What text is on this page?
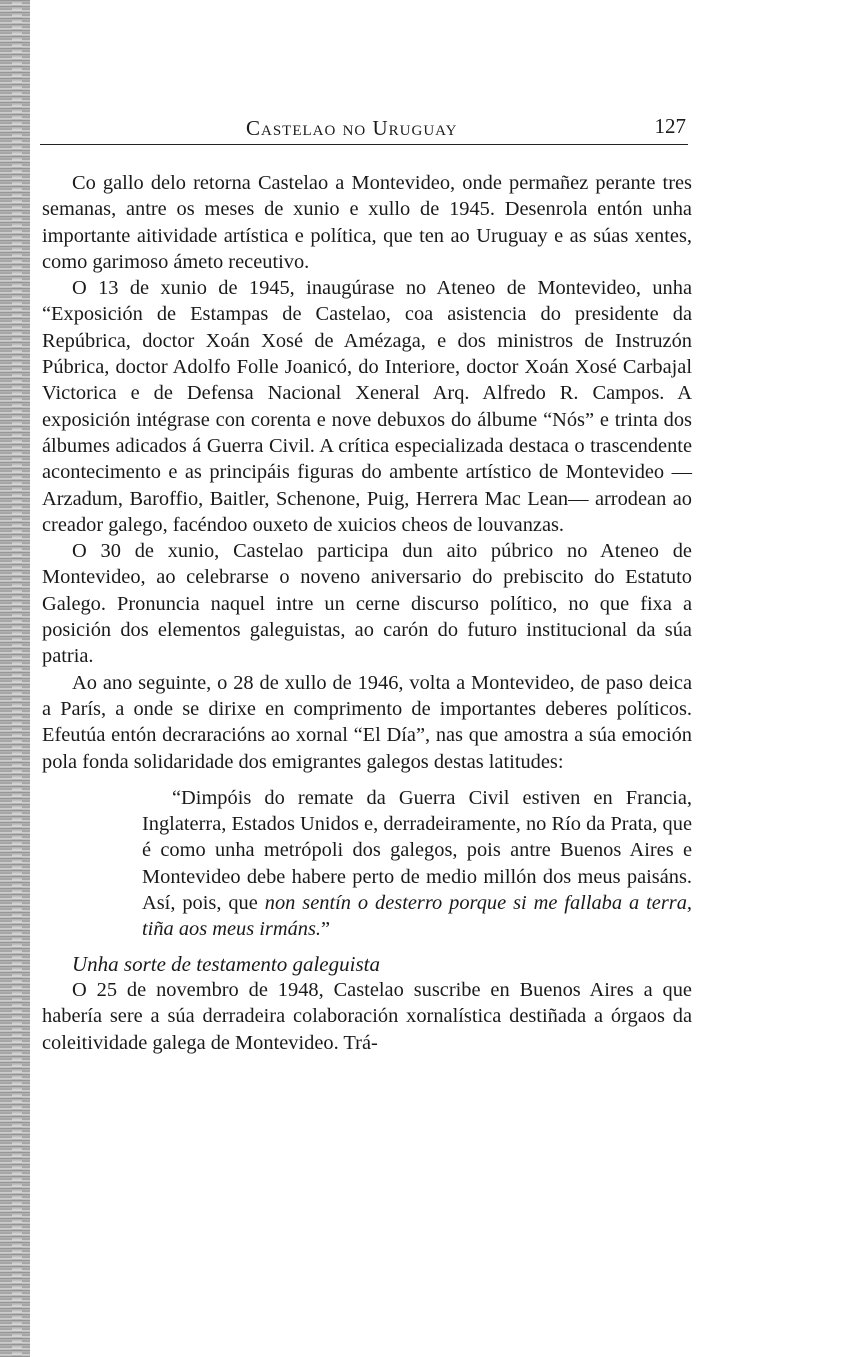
Castelao no Uruguay	127

Co gallo delo retorna Castelao a Montevideo, onde permañez perante tres semanas, antre os meses de xunio e xullo de 1945. Desenrola entón unha importante aitividade artística e política, que ten ao Uruguay e as súas xentes, como garimoso ámeto receutivo.

O 13 de xunio de 1945, inaugúrase no Ateneo de Montevideo, unha “Exposición de Estampas de Castelao, coa asistencia do presidente da Repúbrica, doctor Xoán Xosé de Amézaga, e dos ministros de Instruzón Púbrica, doctor Adolfo Folle Joanicó, do Interiore, doctor Xoán Xosé Carbajal Victorica e de Defensa Nacional Xeneral Arq. Alfredo R. Campos. A exposición intégrase con corenta e nove debuxos do álbume “Nós” e trinta dos álbumes adicados á Guerra Civil. A crítica especializada destaca o trascendente acontecimento e as principáis figuras do ambente artístico de Montevideo —Arzadum, Baroffio, Baitler, Schenone, Puig, Herrera Mac Lean— arrodean ao creador galego, facéndoo ouxeto de xuicios cheos de louvanzas.

O 30 de xunio, Castelao participa dun aito púbrico no Ateneo de Montevideo, ao celebrarse o noveno aniversario do prebiscito do Estatuto Galego. Pronuncia naquel intre un cerne discurso político, no que fixa a posición dos elementos galeguistas, ao carón do futuro institucional da súa patria.

Ao ano seguinte, o 28 de xullo de 1946, volta a Montevideo, de paso deica a París, a onde se dirixe en comprimento de importantes deberes políticos. Efeutúa entón decraracións ao xornal “El Día”, nas que amostra a súa emoción pola fonda solidaridade dos emigrantes galegos destas latitudes:

“Dimpóis do remate da Guerra Civil estiven en Francia, Inglaterra, Estados Unidos e, derradeiramente, no Río da Prata, que é como unha metrópoli dos galegos, pois antre Buenos Aires e Montevideo debe habere perto de medio millón dos meus paisáns. Así, pois, que non sentín o desterro porque si me fallaba a terra, tiña aos meus irmáns.”

Unha sorte de testamento galeguista

O 25 de novembro de 1948, Castelao suscribe en Buenos Aires a que habería sere a súa derradeira colaboración xornalística destiñada a órgaos da coleitividade galega de Montevideo. Trá-
